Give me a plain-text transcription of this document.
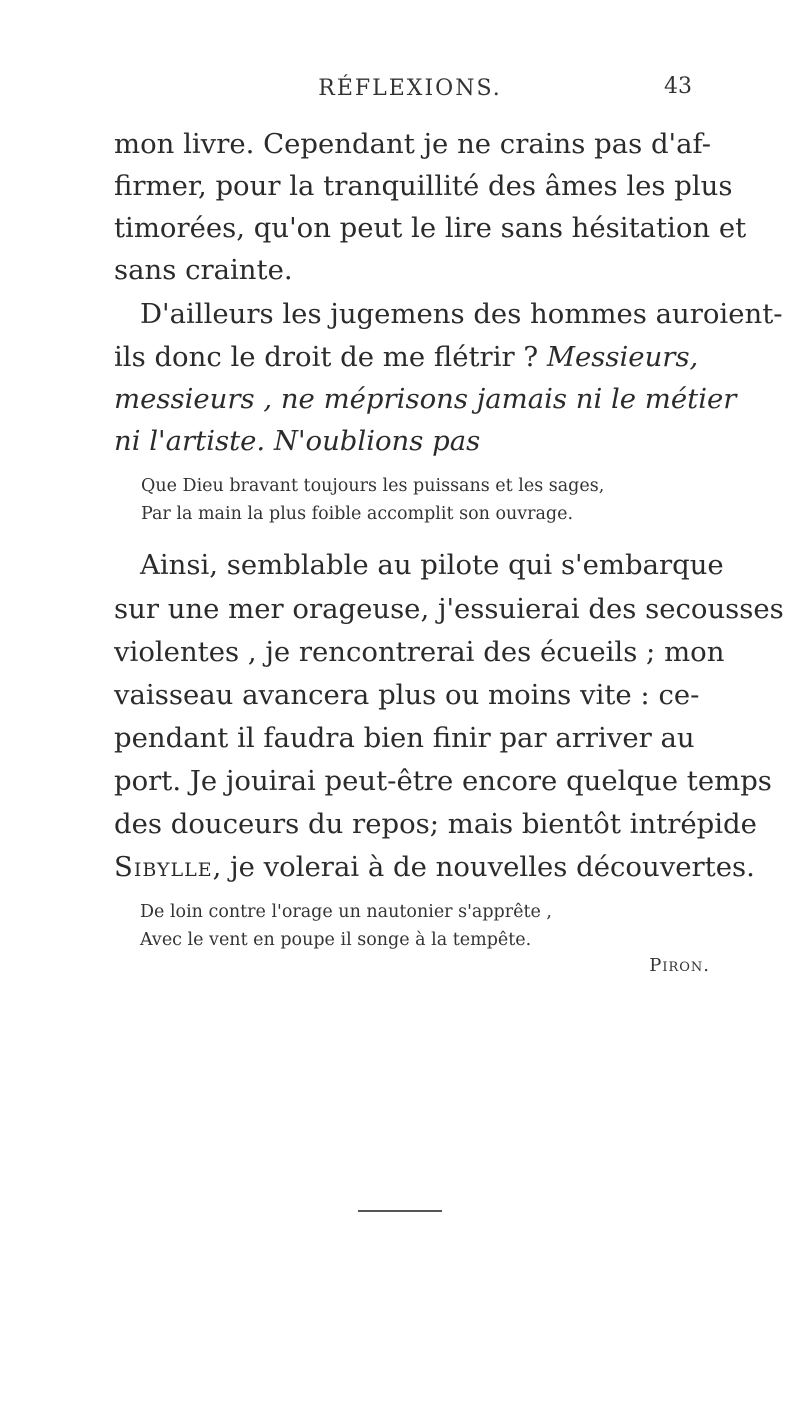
RÉFLEXIONS.	43
mon livre. Cependant je ne crains pas d'af-
firmer, pour la tranquillité des âmes les plus
timorées, qu'on peut le lire sans hésitation et
sans crainte.
D'ailleurs les jugemens des hommes auroient-
ils donc le droit de me flétrir ? Messieurs,
messieurs , ne méprisons jamais ni le métier
ni l'artiste. N'oublions pas
Que Dieu bravant toujours les puissans et les sages,
Par la main la plus foible accomplit son ouvrage.
Ainsi, semblable au pilote qui s'embarque
sur une mer orageuse, j'essuierai des secousses
violentes , je rencontrerai des écueils ; mon
vaisseau avancera plus ou moins vite : ce-
pendant il faudra bien finir par arriver au
port. Je jouirai peut-être encore quelque temps
des douceurs du repos; mais bientôt intrépide
Sibylle, je volerai à de nouvelles découvertes.
De loin contre l'orage un nautonier s'apprête ,
Avec le vent en poupe il songe à la tempête.
Piron.
